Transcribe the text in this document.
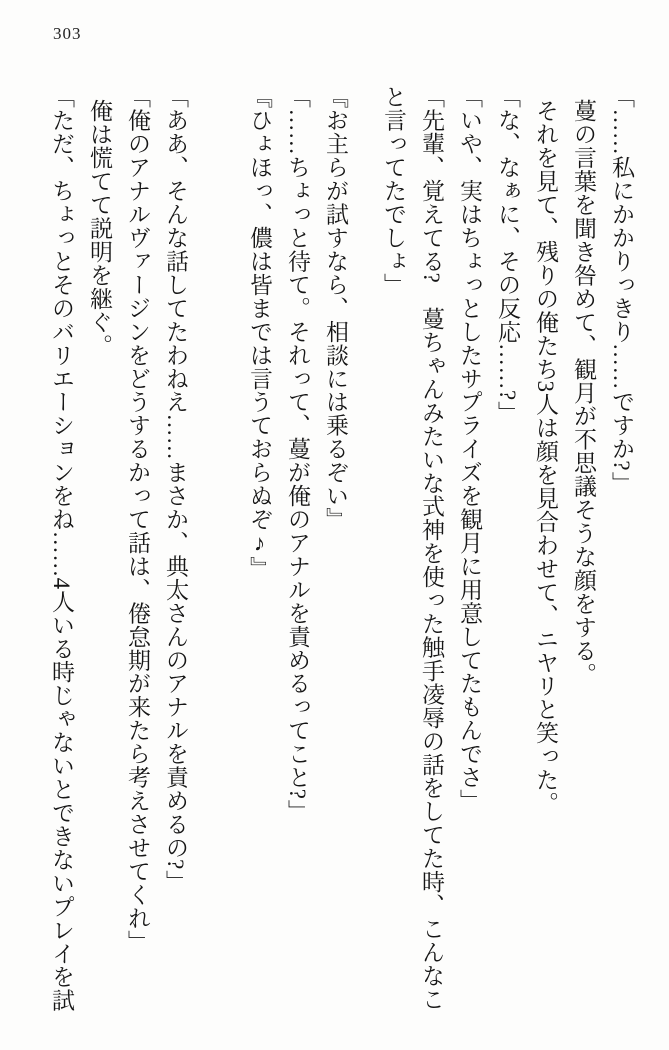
303

「……私にかかりっきり……ですか?」

蔓の言葉を聞き咎めて、観月が不思議そうな顔をする。

それを見て、残りの俺たち3人は顔を見合わせて、ニヤリと笑った。

「な、なぁに、その反応……?」

「いや、実はちょっとしたサプライズを観月に用意してたもんでさ」

「先輩、覚えてる?　蔓ちゃんみたいな式神を使った触手凌辱の話をしてた時、こんなこ

と言ってたでしょ」

『お主らが試すなら、相談には乗るぞい』

「……ちょっと待て。それって、蔓が俺のアナルを責めるってこと?」

『ひょほっ、儂は皆までは言うておらぬぞ♪』

「ああ、そんな話してたわねえ……まさか、典太さんのアナルを責めるの?」

「俺のアナルヴァージンをどうするかって話は、倦怠期が来たら考えさせてくれ」

俺は慌てて説明を継ぐ。

「ただ、ちょっとそのバリエーションをね……4人いる時じゃないとできないプレイを試
